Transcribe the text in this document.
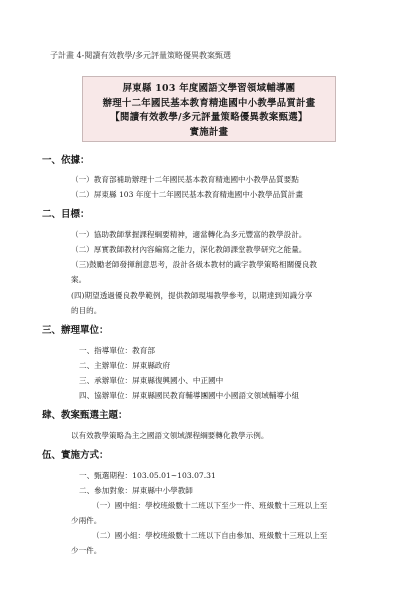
子計畫 4-閱讀有效教學/多元評量策略優異教案甄選
屏東縣 103 年度國語文學習領域輔導團
辦理十二年國民基本教育精進國中小教學品質計畫
【閱讀有效教學/多元評量策略優異教案甄選】
實施計畫
一、依據：
（一）教育部補助辦理十二年國民基本教育精進國中小教學品質要點
（二）屏東縣 103 年度十二年國民基本教育精進國中小教學品質計畫
二、目標：
（一）協助教師掌握課程綱要精神，適當轉化為多元豐富的教學設計。
（二）厚實教師教材內容編寫之能力，深化教師課堂教學研究之能量。
（三)鼓勵老師發揮創意思考，設計各級本教材的識字教學策略相關優良教
案。
(四)期望透過優良教學範例，提供教師現場教學參考，以期達到知識分享
的目的。
三、辦理單位：
一、指導單位：教育部
二、主辦單位：屏東縣政府
三、承辦單位：屏東縣復興國小、中正國中
四、協辦單位：屏東縣國民教育輔導團國中小國語文領域輔導小組
肆、教案甄選主題：
以有效教學策略為主之國語文領域課程綱要轉化教學示例。
伍、實施方式：
一、甄選期程：103.05.01~103.07.31
二、參加對象：屏東縣中小學教師
（一）國中組：學校班級數十二班以下至少一件、班級數十三班以上至
少兩件。
（二）國小組：學校班級數十二班以下自由參加、班級數十三班以上至
少一件。
